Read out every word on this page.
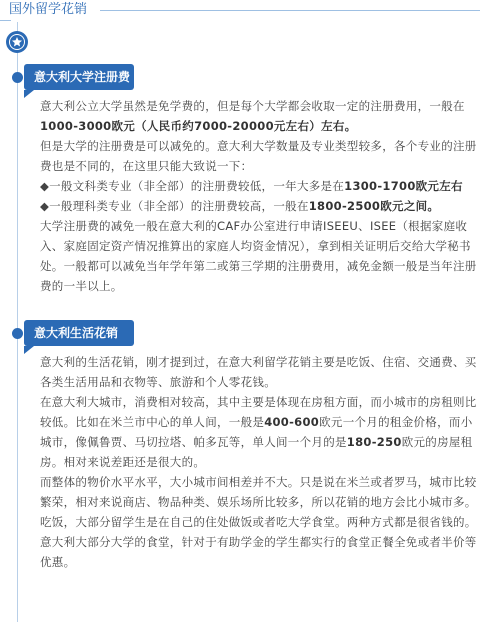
国外留学花销
意大利大学注册费

意大利公立大学虽然是免学费的，但是每个大学都会收取一定的注册费用，一般在1000-3000欧元（人民币约7000-20000元左右）左右。

但是大学的注册费是可以减免的。意大利大学数量及专业类型较多，各个专业的注册费也是不同的，在这里只能大致说一下：

◆一般文科类专业（非全部）的注册费较低，一年大多是在1300-1700欧元左右

◆一般理科类专业（非全部）的注册费较高，一般在1800-2500欧元之间。

大学注册费的减免一般在意大利的CAF办公室进行申请ISEEU、ISEE（根据家庭收入、家庭固定资产情况推算出的家庭人均资金情况），拿到相关证明后交给大学秘书处。一般都可以减免当年学年第二或第三学期的注册费用，减免金额一般是当年注册费的一半以上。

意大利生活花销

意大利的生活花销，刚才提到过，在意大利留学花销主要是吃饭、住宿、交通费、买各类生活用品和衣物等、旅游和个人零花钱。

在意大利大城市，消费相对较高，其中主要是体现在房租方面，而小城市的房租则比较低。比如在米兰市中心的单人间，一般是400-600欧元一个月的租金价格，而小城市，像佩鲁贾、马切拉塔、帕多瓦等，单人间一个月的是180-250欧元的房屋租房。相对来说差距还是很大的。

而整体的物价水平水平，大小城市间相差并不大。只是说在米兰或者罗马，城市比较繁荣，相对来说商店、物品种类、娱乐场所比较多，所以花销的地方会比小城市多。

吃饭，大部分留学生是在自己的住处做饭或者吃大学食堂。两种方式都是很省钱的。意大利大部分大学的食堂，针对于有助学金的学生都实行的食堂正餐全免或者半价等优惠。
